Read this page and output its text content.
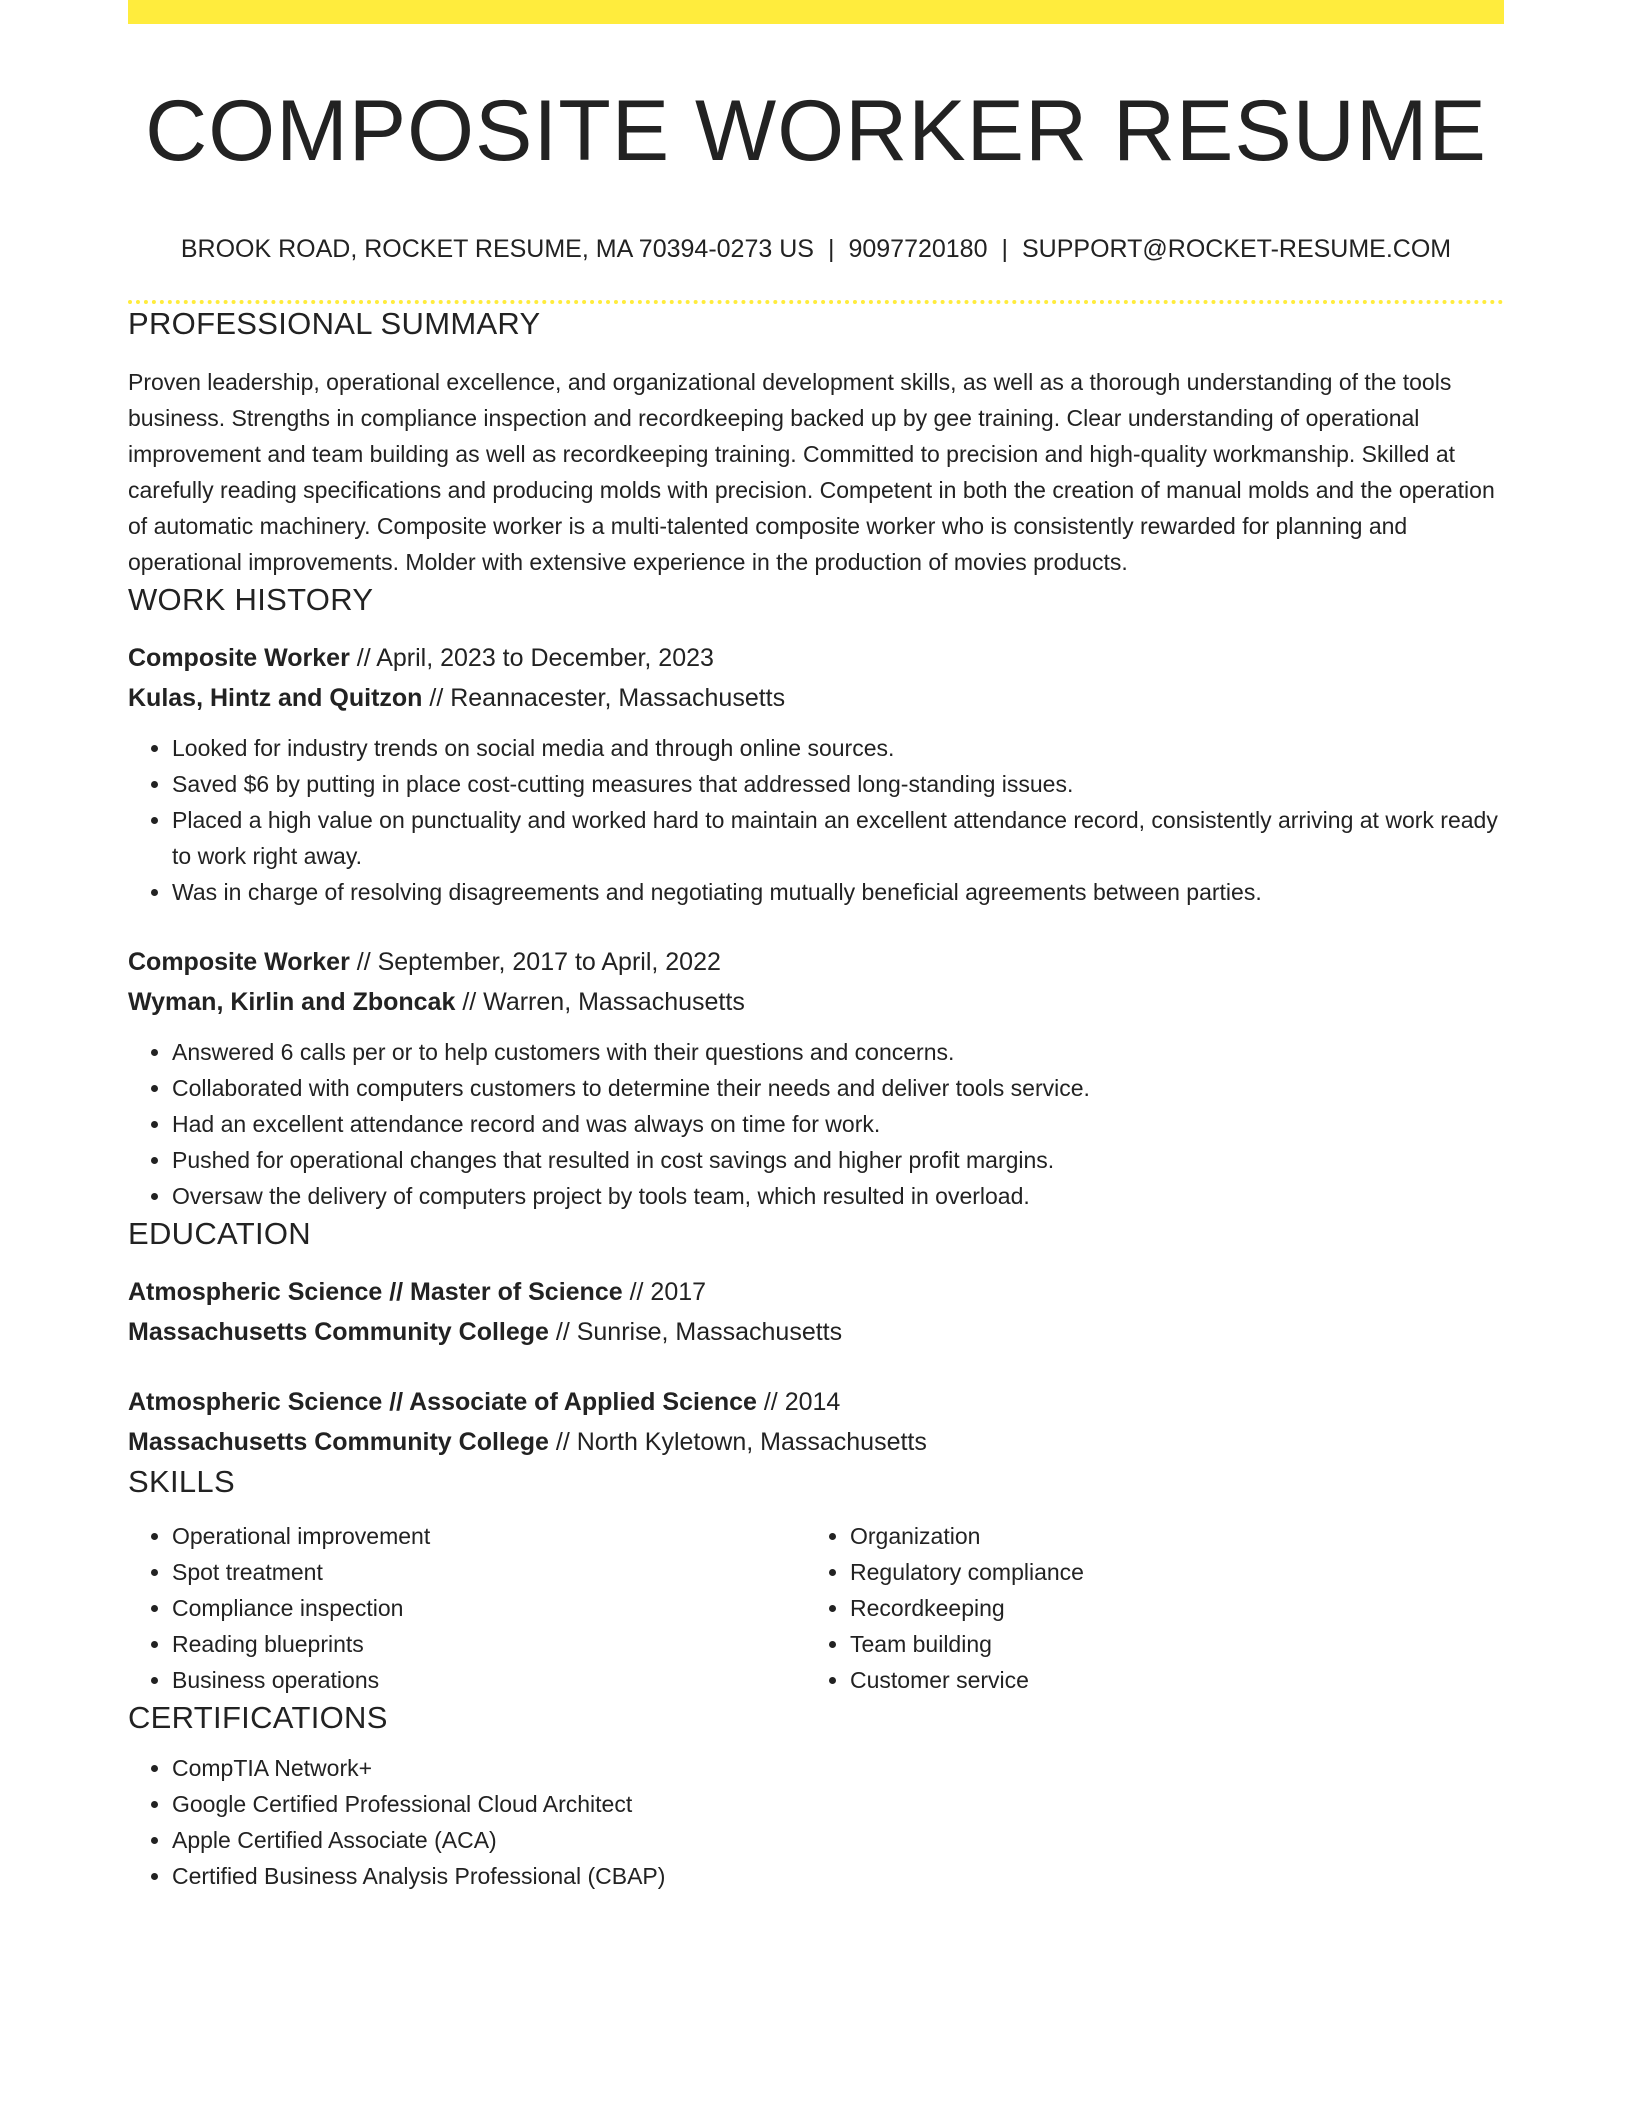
COMPOSITE WORKER RESUME
BROOK ROAD, ROCKET RESUME, MA 70394-0273 US | 9097720180 | SUPPORT@ROCKET-RESUME.COM
PROFESSIONAL SUMMARY

Proven leadership, operational excellence, and organizational development skills, as well as a thorough understanding of the tools business. Strengths in compliance inspection and recordkeeping backed up by gee training. Clear understanding of operational improvement and team building as well as recordkeeping training. Committed to precision and high-quality workmanship. Skilled at carefully reading specifications and producing molds with precision. Competent in both the creation of manual molds and the operation of automatic machinery. Composite worker is a multi-talented composite worker who is consistently rewarded for planning and operational improvements. Molder with extensive experience in the production of movies products.

WORK HISTORY
Composite Worker // April, 2023 to December, 2023
Kulas, Hintz and Quitzon // Reannacester, Massachusetts
• Looked for industry trends on social media and through online sources.
• Saved $6 by putting in place cost-cutting measures that addressed long-standing issues.
• Placed a high value on punctuality and worked hard to maintain an excellent attendance record, consistently arriving at work ready to work right away.
• Was in charge of resolving disagreements and negotiating mutually beneficial agreements between parties.
Composite Worker // September, 2017 to April, 2022
Wyman, Kirlin and Zboncak // Warren, Massachusetts
• Answered 6 calls per or to help customers with their questions and concerns.
• Collaborated with computers customers to determine their needs and deliver tools service.
• Had an excellent attendance record and was always on time for work.
• Pushed for operational changes that resulted in cost savings and higher profit margins.
• Oversaw the delivery of computers project by tools team, which resulted in overload.
EDUCATION
Atmospheric Science // Master of Science // 2017
Massachusetts Community College // Sunrise, Massachusetts
Atmospheric Science // Associate of Applied Science // 2014
Massachusetts Community College // North Kyletown, Massachusetts
SKILLS
• Operational improvement
• Spot treatment
• Compliance inspection
• Reading blueprints
• Business operations
• Organization
• Regulatory compliance
• Recordkeeping
• Team building
• Customer service
CERTIFICATIONS
• CompTIA Network+
• Google Certified Professional Cloud Architect
• Apple Certified Associate (ACA)
• Certified Business Analysis Professional (CBAP)
